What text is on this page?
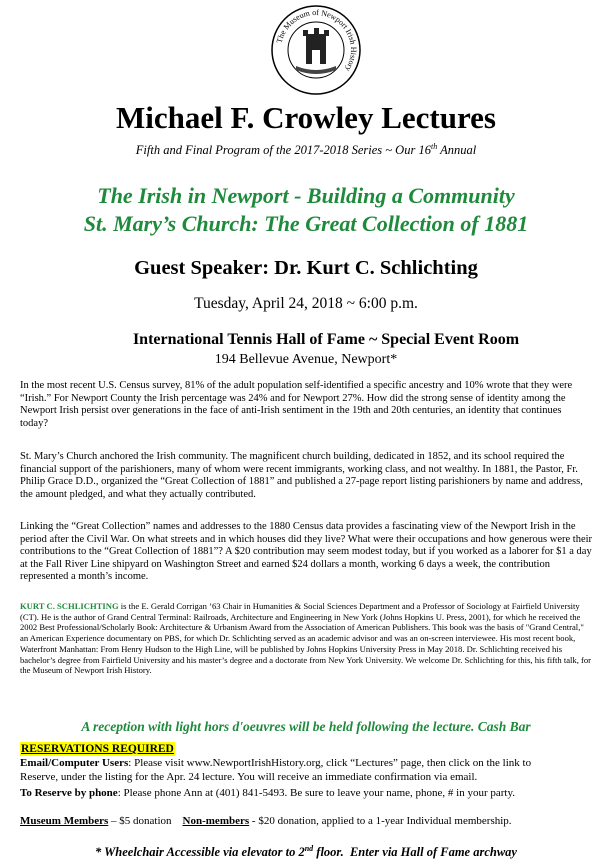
The Museum of Newport Irish History
Michael F. Crowley Lectures
Fifth and Final Program of the 2017-2018 Series ~ Our 16th Annual
The Irish in Newport - Building a Community
St. Mary’s Church: The Great Collection of 1881
Guest Speaker: Dr. Kurt C. Schlichting
Tuesday, April 24, 2018 ~ 6:00 p.m.
International Tennis Hall of Fame ~ Special Event Room
194 Bellevue Avenue, Newport*
In the most recent U.S. Census survey, 81% of the adult population self-identified a specific ancestry and 10% wrote that they were “Irish.” For Newport County the Irish percentage was 24% and for Newport 27%. How did the strong sense of identity among the Newport Irish persist over generations in the face of anti-Irish sentiment in the 19th and 20th centuries, an identity that continues today?
St. Mary’s Church anchored the Irish community. The magnificent church building, dedicated in 1852, and its school required the financial support of the parishioners, many of whom were recent immigrants, working class, and not wealthy. In 1881, the Pastor, Fr. Philip Grace D.D., organized the “Great Collection of 1881” and published a 27-page report listing parishioners by name and address, the amount pledged, and what they actually contributed.
Linking the “Great Collection” names and addresses to the 1880 Census data provides a fascinating view of the Newport Irish in the period after the Civil War. On what streets and in which houses did they live? What were their occupations and how generous were their contributions to the “Great Collection of 1881”? A $20 contribution may seem modest today, but if you worked as a laborer for $1 a day at the Fall River Line shipyard on Washington Street and earned $24 dollars a month, working 6 days a week, the contribution represented a month’s income.
KURT C. SCHLICHTING is the E. Gerald Corrigan ’63 Chair in Humanities & Social Sciences Department and a Professor of Sociology at Fairfield University (CT). He is the author of Grand Central Terminal: Railroads, Architecture and Engineering in New York (Johns Hopkins U. Press, 2001), for which he received the 2002 Best Professional/Scholarly Book: Architecture & Urbanism Award from the Association of American Publishers. This book was the basis of "Grand Central," an American Experience documentary on PBS, for which Dr. Schlichting served as an academic advisor and was an on-screen interviewee. His most recent book, Waterfront Manhattan: From Henry Hudson to the High Line, will be published by Johns Hopkins University Press in May 2018. Dr. Schlichting received his bachelor’s degree from Fairfield University and his master’s degree and a doctorate from New York University. We welcome Dr. Schlichting for this, his fifth talk, for the Museum of Newport Irish History.
A reception with light hors d'oeuvres will be held following the lecture. Cash Bar
RESERVATIONS REQUIRED
Email/Computer Users: Please visit www.NewportIrishHistory.org, click “Lectures” page, then click on the link to
Reserve, under the listing for the Apr. 24 lecture. You will receive an immediate confirmation via email.
To Reserve by phone: Please phone Ann at (401) 841-5493. Be sure to leave your name, phone, # in your party.
Museum Members – $5 donation Non-members - $20 donation, applied to a 1-year Individual membership.
* Wheelchair Accessible via elevator to 2nd floor.  Enter via Hall of Fame archway
